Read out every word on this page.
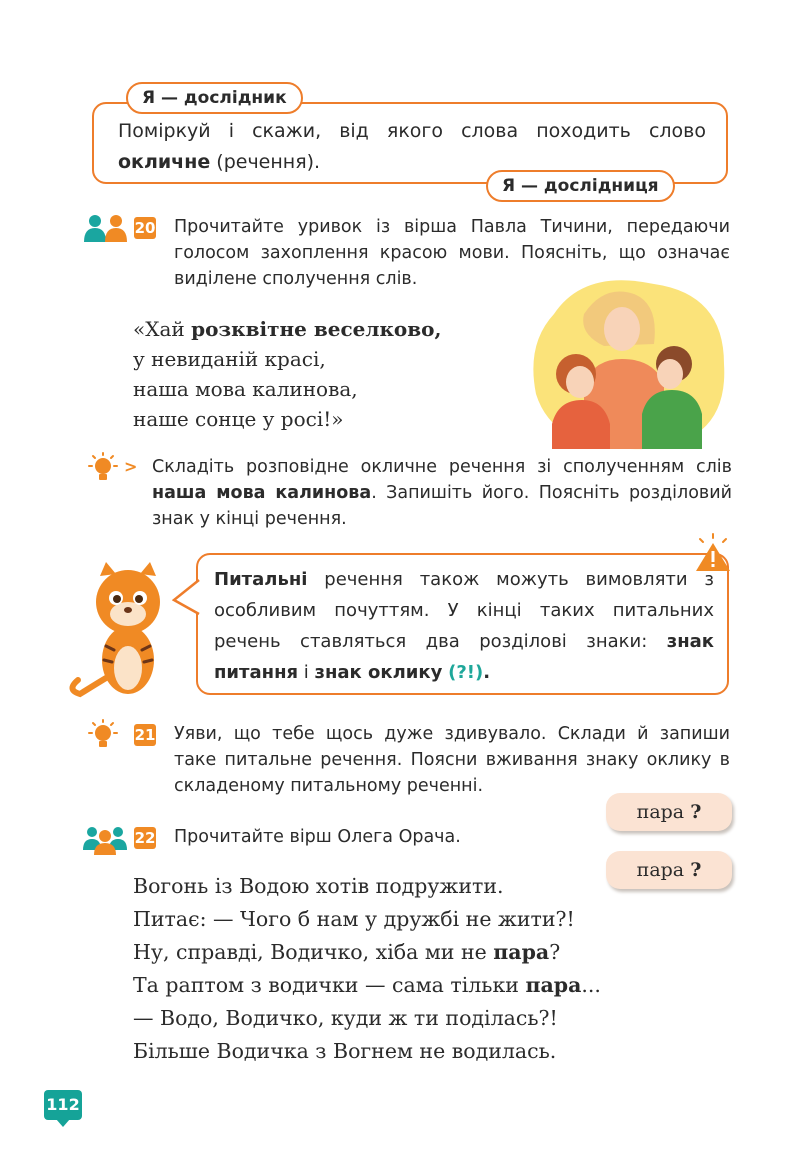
Я — дослідник
Я — дослідниця
Поміркуй і скажи, від якого слова походить слово окличне (речення).
20 Прочитайте уривок із вірша Павла Тичини, передаючи голосом захоплення красою мови. Поясніть, що означає виділене сполучення слів.
«Хай розквітне веселково,
у невиданій красі,
наша мова калинова,
наше сонце у росі!»
> Складіть розповідне окличне речення зі сполученням слів наша мова калинова. Запишіть його. Поясніть розділовий знак у кінці речення.
Питальні речення також можуть вимовляти з особливим почуттям. У кінці таких питальних речень ставляться два розділові знаки: знак питання і знак оклику (?!).
21 Уяви, що тебе щось дуже здивувало. Склади й запиши таке питальне речення. Поясни вживання знаку оклику в складеному питальному реченні.
22 Прочитайте вірш Олега Орача.
пара ?
пара ?
Вогонь із Водою хотів подружити.
Питає: — Чого б нам у дружбі не жити?!
Ну, справді, Водичко, хіба ми не пара?
Та раптом з водички — сама тільки пара...
— Водо, Водичко, куди ж ти поділась?!
Більше Водичка з Вогнем не водилась.
112
